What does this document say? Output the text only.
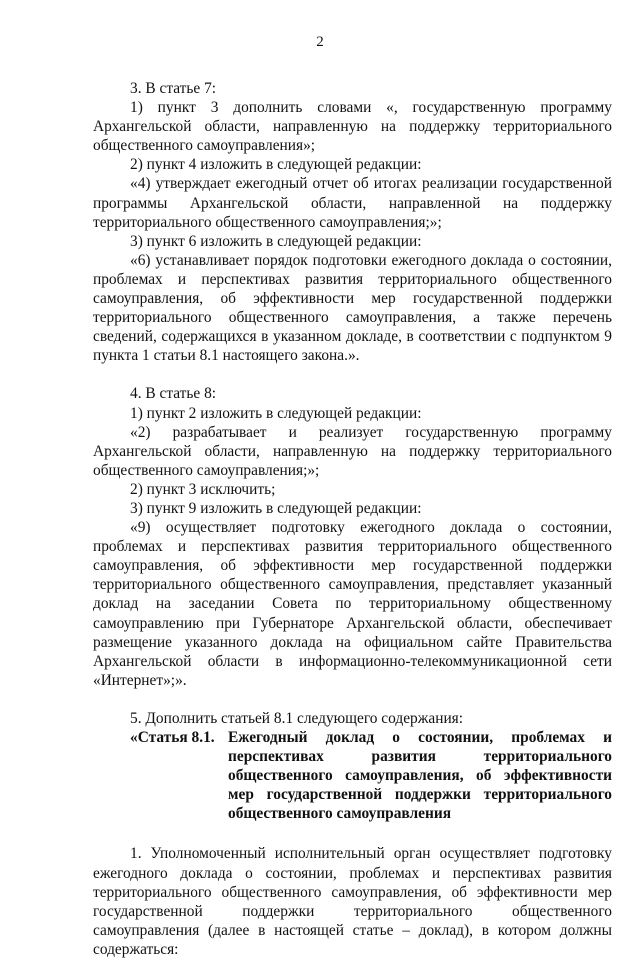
2

3. В статье 7:

1) пункт 3 дополнить словами «, государственную программу Архангельской области, направленную на поддержку территориального общественного самоуправления»;

2) пункт 4 изложить в следующей редакции:

«4) утверждает ежегодный отчет об итогах реализации государственной программы Архангельской области, направленной на поддержку территориального общественного самоуправления;»;

3) пункт 6 изложить в следующей редакции:

«6) устанавливает порядок подготовки ежегодного доклада о состоянии, проблемах и перспективах развития территориального общественного самоуправления, об эффективности мер государственной поддержки территориального общественного самоуправления, а также перечень сведений, содержащихся в указанном докладе, в соответствии с подпунктом 9 пункта 1 статьи 8.1 настоящего закона.».

4. В статье 8:

1) пункт 2 изложить в следующей редакции:

«2) разрабатывает и реализует государственную программу Архангельской области, направленную на поддержку территориального общественного самоуправления;»;

2) пункт 3 исключить;

3) пункт 9 изложить в следующей редакции:

«9) осуществляет подготовку ежегодного доклада о состоянии, проблемах и перспективах развития территориального общественного самоуправления, об эффективности мер государственной поддержки территориального общественного самоуправления, представляет указанный доклад на заседании Совета по территориальному общественному самоуправлению при Губернаторе Архангельской области, обеспечивает размещение указанного доклада на официальном сайте Правительства Архангельской области в информационно-телекоммуникационной сети «Интернет»;».

5. Дополнить статьей 8.1 следующего содержания:

«Статья 8.1. Ежегодный доклад о состоянии, проблемах и перспективах развития территориального общественного самоуправления, об эффективности мер государственной поддержки территориального общественного самоуправления

1. Уполномоченный исполнительный орган осуществляет подготовку ежегодного доклада о состоянии, проблемах и перспективах развития территориального общественного самоуправления, об эффективности мер государственной поддержки территориального общественного самоуправления (далее в настоящей статье – доклад), в котором должны содержаться:
